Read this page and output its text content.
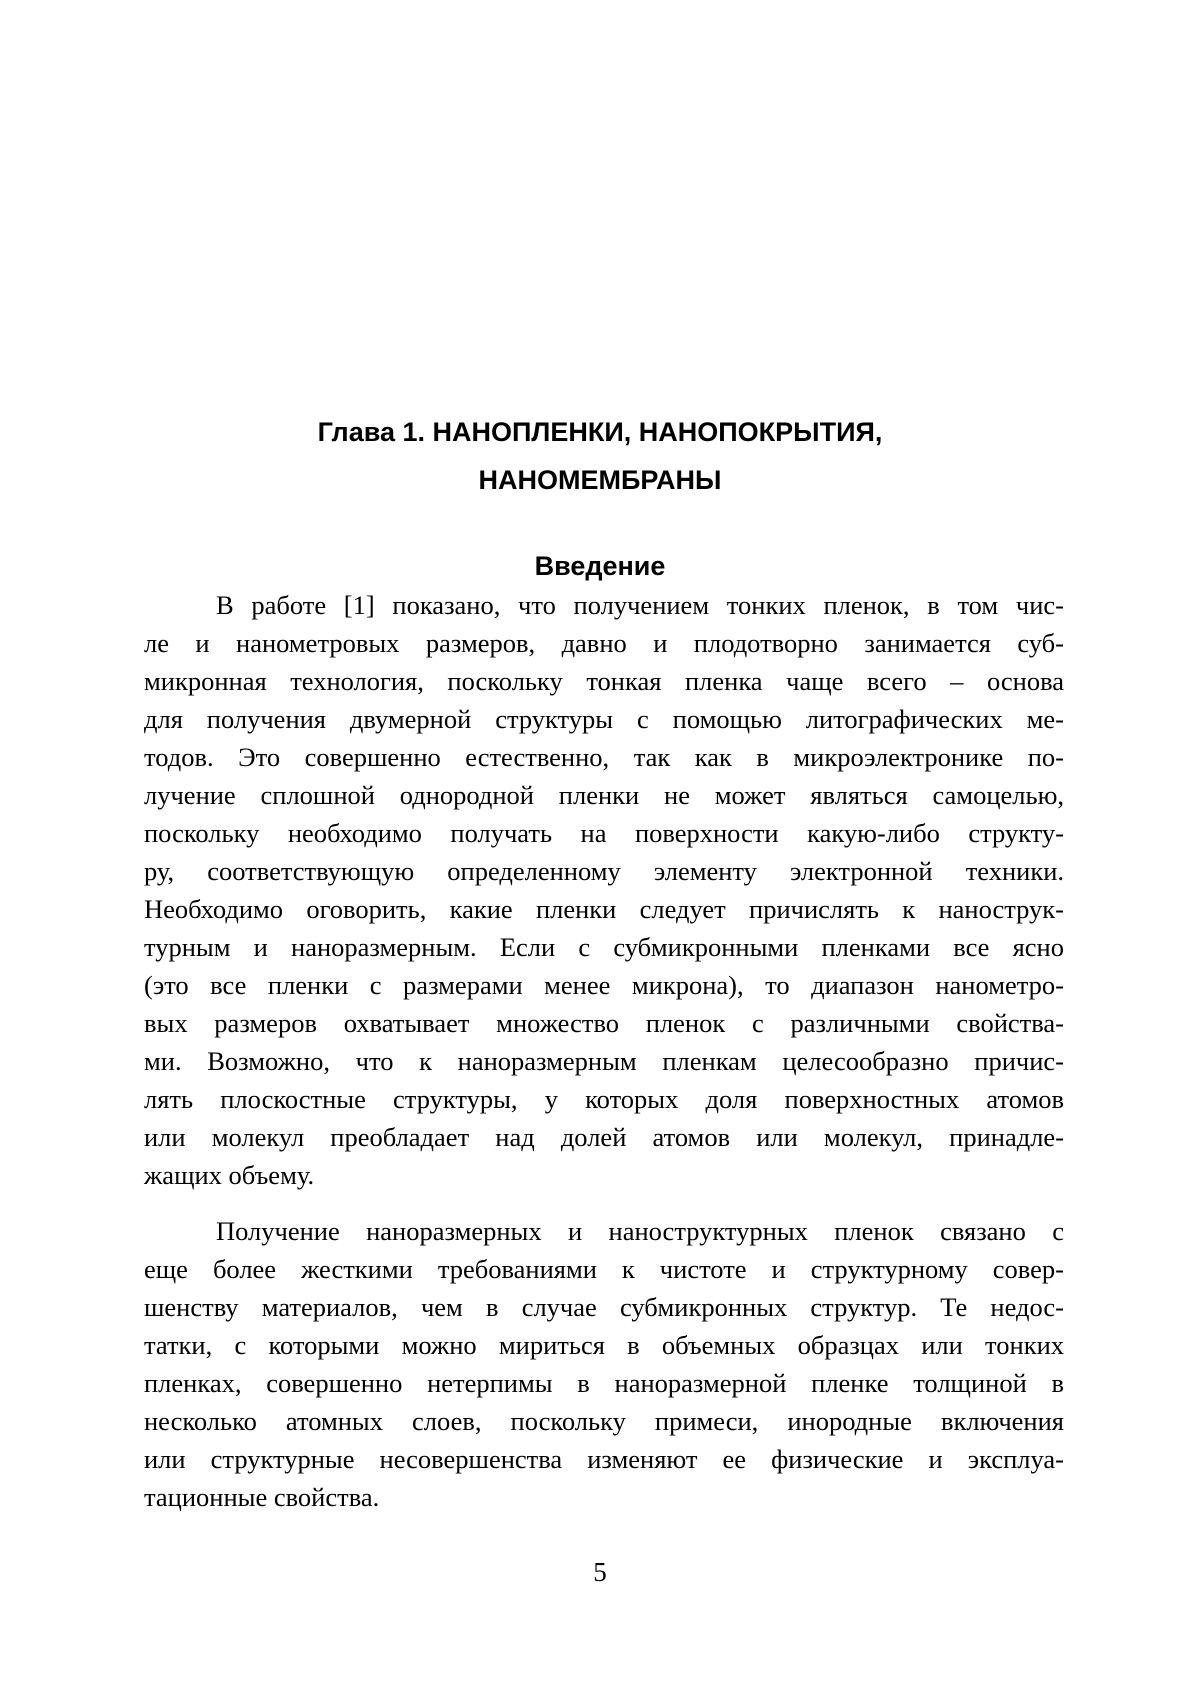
Глава 1. НАНОПЛЕНКИ, НАНОПОКРЫТИЯ,
НАНОМЕМБРАНЫ
Введение
В работе [1] показано, что получением тонких пленок, в том чис-
ле и нанометровых размеров, давно и плодотворно занимается суб-
микронная технология, поскольку тонкая пленка чаще всего – основа
для получения двумерной структуры с помощью литографических ме-
тодов. Это совершенно естественно, так как в микроэлектронике по-
лучение сплошной однородной пленки не может являться самоцелью,
поскольку необходимо получать на поверхности какую-либо структу-
ру, соответствующую определенному элементу электронной техники.
Необходимо оговорить, какие пленки следует причислять к нанострук-
турным и наноразмерным. Если с субмикронными пленками все ясно
(это все пленки с размерами менее микрона), то диапазон нанометро-
вых размеров охватывает множество пленок с различными свойства-
ми. Возможно, что к наноразмерным пленкам целесообразно причис-
лять плоскостные структуры, у которых доля поверхностных атомов
или молекул преобладает над долей атомов или молекул, принадле-
жащих объему.
Получение наноразмерных и наноструктурных пленок связано с
еще более жесткими требованиями к чистоте и структурному совер-
шенству материалов, чем в случае субмикронных структур. Те недос-
татки, с которыми можно мириться в объемных образцах или тонких
пленках, совершенно нетерпимы в наноразмерной пленке толщиной в
несколько атомных слоев, поскольку примеси, инородные включения
или структурные несовершенства изменяют ее физические и эксплуа-
тационные свойства.
5
